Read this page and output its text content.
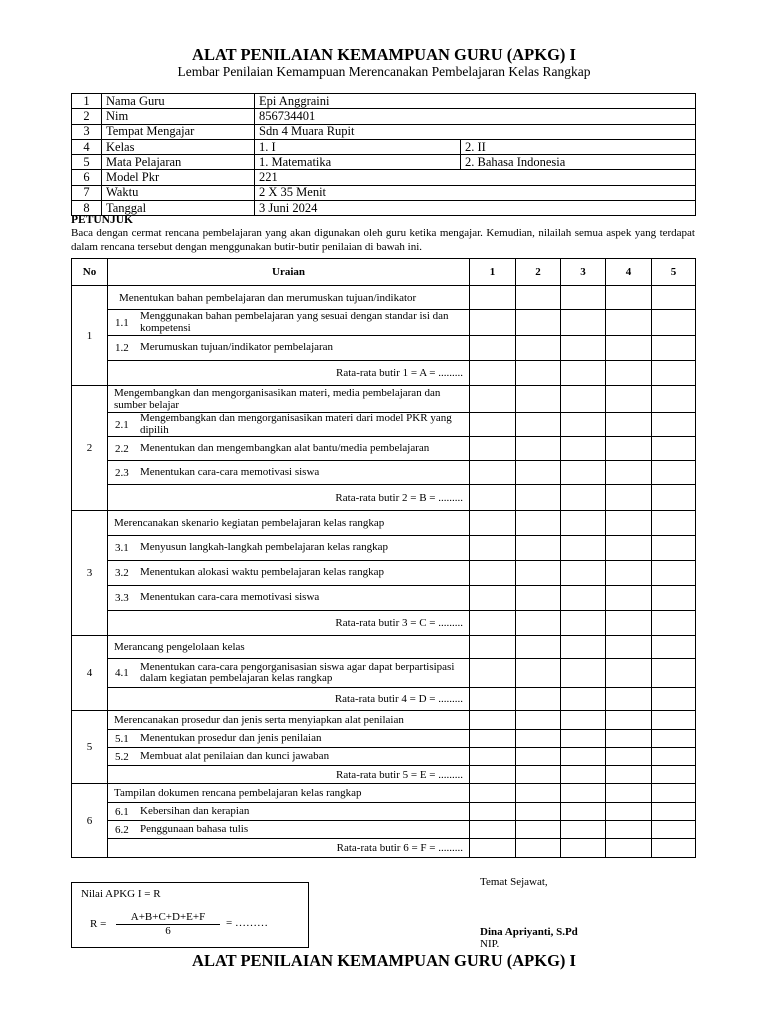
ALAT PENILAIAN KEMAMPUAN GURU (APKG) I
Lembar Penilaian Kemampuan Merencanakan Pembelajaran Kelas Rangkap
1	Nama Guru	Epi Anggraini	
2	Nim	856734401	
3	Tempat Mengajar	Sdn 4 Muara Rupit	
4	Kelas	1. I	2. II
5	Mata Pelajaran	1. Matematika	2. Bahasa Indonesia
6	Model Pkr	221	
7	Waktu	2 X 35 Menit	
8	Tanggal	3 Juni 2024	
PETUNJUK
Baca dengan cermat rencana pembelajaran yang akan digunakan oleh guru ketika mengajar. Kemudian, nilailah semua aspek yang terdapat dalam rencana tersebut dengan menggunakan butir-butir penilaian di bawah ini.
No	Uraian	1	2	3	4	5
1	Menentukan bahan pembelajaran dan merumuskan tujuan/indikator					

	1.1
Menggunakan bahan pembelajaran yang sesuai dengan standar isi dan kompetensi					

	1.2 Merumuskan tujuan/indikator pembelajaran					

	Rata-rata butir 1 = A = .........					
2	Mengembangkan dan mengorganisasikan materi, media pembelajaran dan sumber belajar					

	2.1
Mengembangkan dan mengorganisasikan materi dari model PKR yang dipilih					

	2.2 Menentukan dan mengembangkan alat bantu/media pembelajaran					

	2.3 Menentukan cara-cara memotivasi siswa					

	Rata-rata butir 2 = B = .........					
3	Merencanakan skenario kegiatan pembelajaran kelas rangkap					

	3.1 Menyusun langkah-langkah pembelajaran kelas rangkap					

	3.2 Menentukan alokasi waktu pembelajaran kelas rangkap					

	3.3 Menentukan cara-cara memotivasi siswa					

	Rata-rata butir 3 = C = .........					
4	Merancang pengelolaan kelas					

	4.1
Menentukan cara-cara pengorganisasian siswa agar dapat berpartisipasi dalam kegiatan pembelajaran kelas rangkap					

	Rata-rata butir 4 = D = .........					
5	Merencanakan prosedur dan jenis serta menyiapkan alat penilaian					

	5.1 Menentukan prosedur dan jenis penilaian					

	5.2 Membuat alat penilaian dan kunci jawaban					

	Rata-rata butir 5 = E = .........					
6	Tampilan dokumen rencana pembelajaran kelas rangkap					

	6.1 Kebersihan dan kerapian					

	6.2 Penggunaan bahasa tulis					

	Rata-rata butir 6 = F = .........					
Nilai APKG I = R
R =
A+B+C+D+E+F
6
= ………
Temat Sejawat,
Dina Apriyanti, S.Pd
NIP.
ALAT PENILAIAN KEMAMPUAN GURU (APKG) I
